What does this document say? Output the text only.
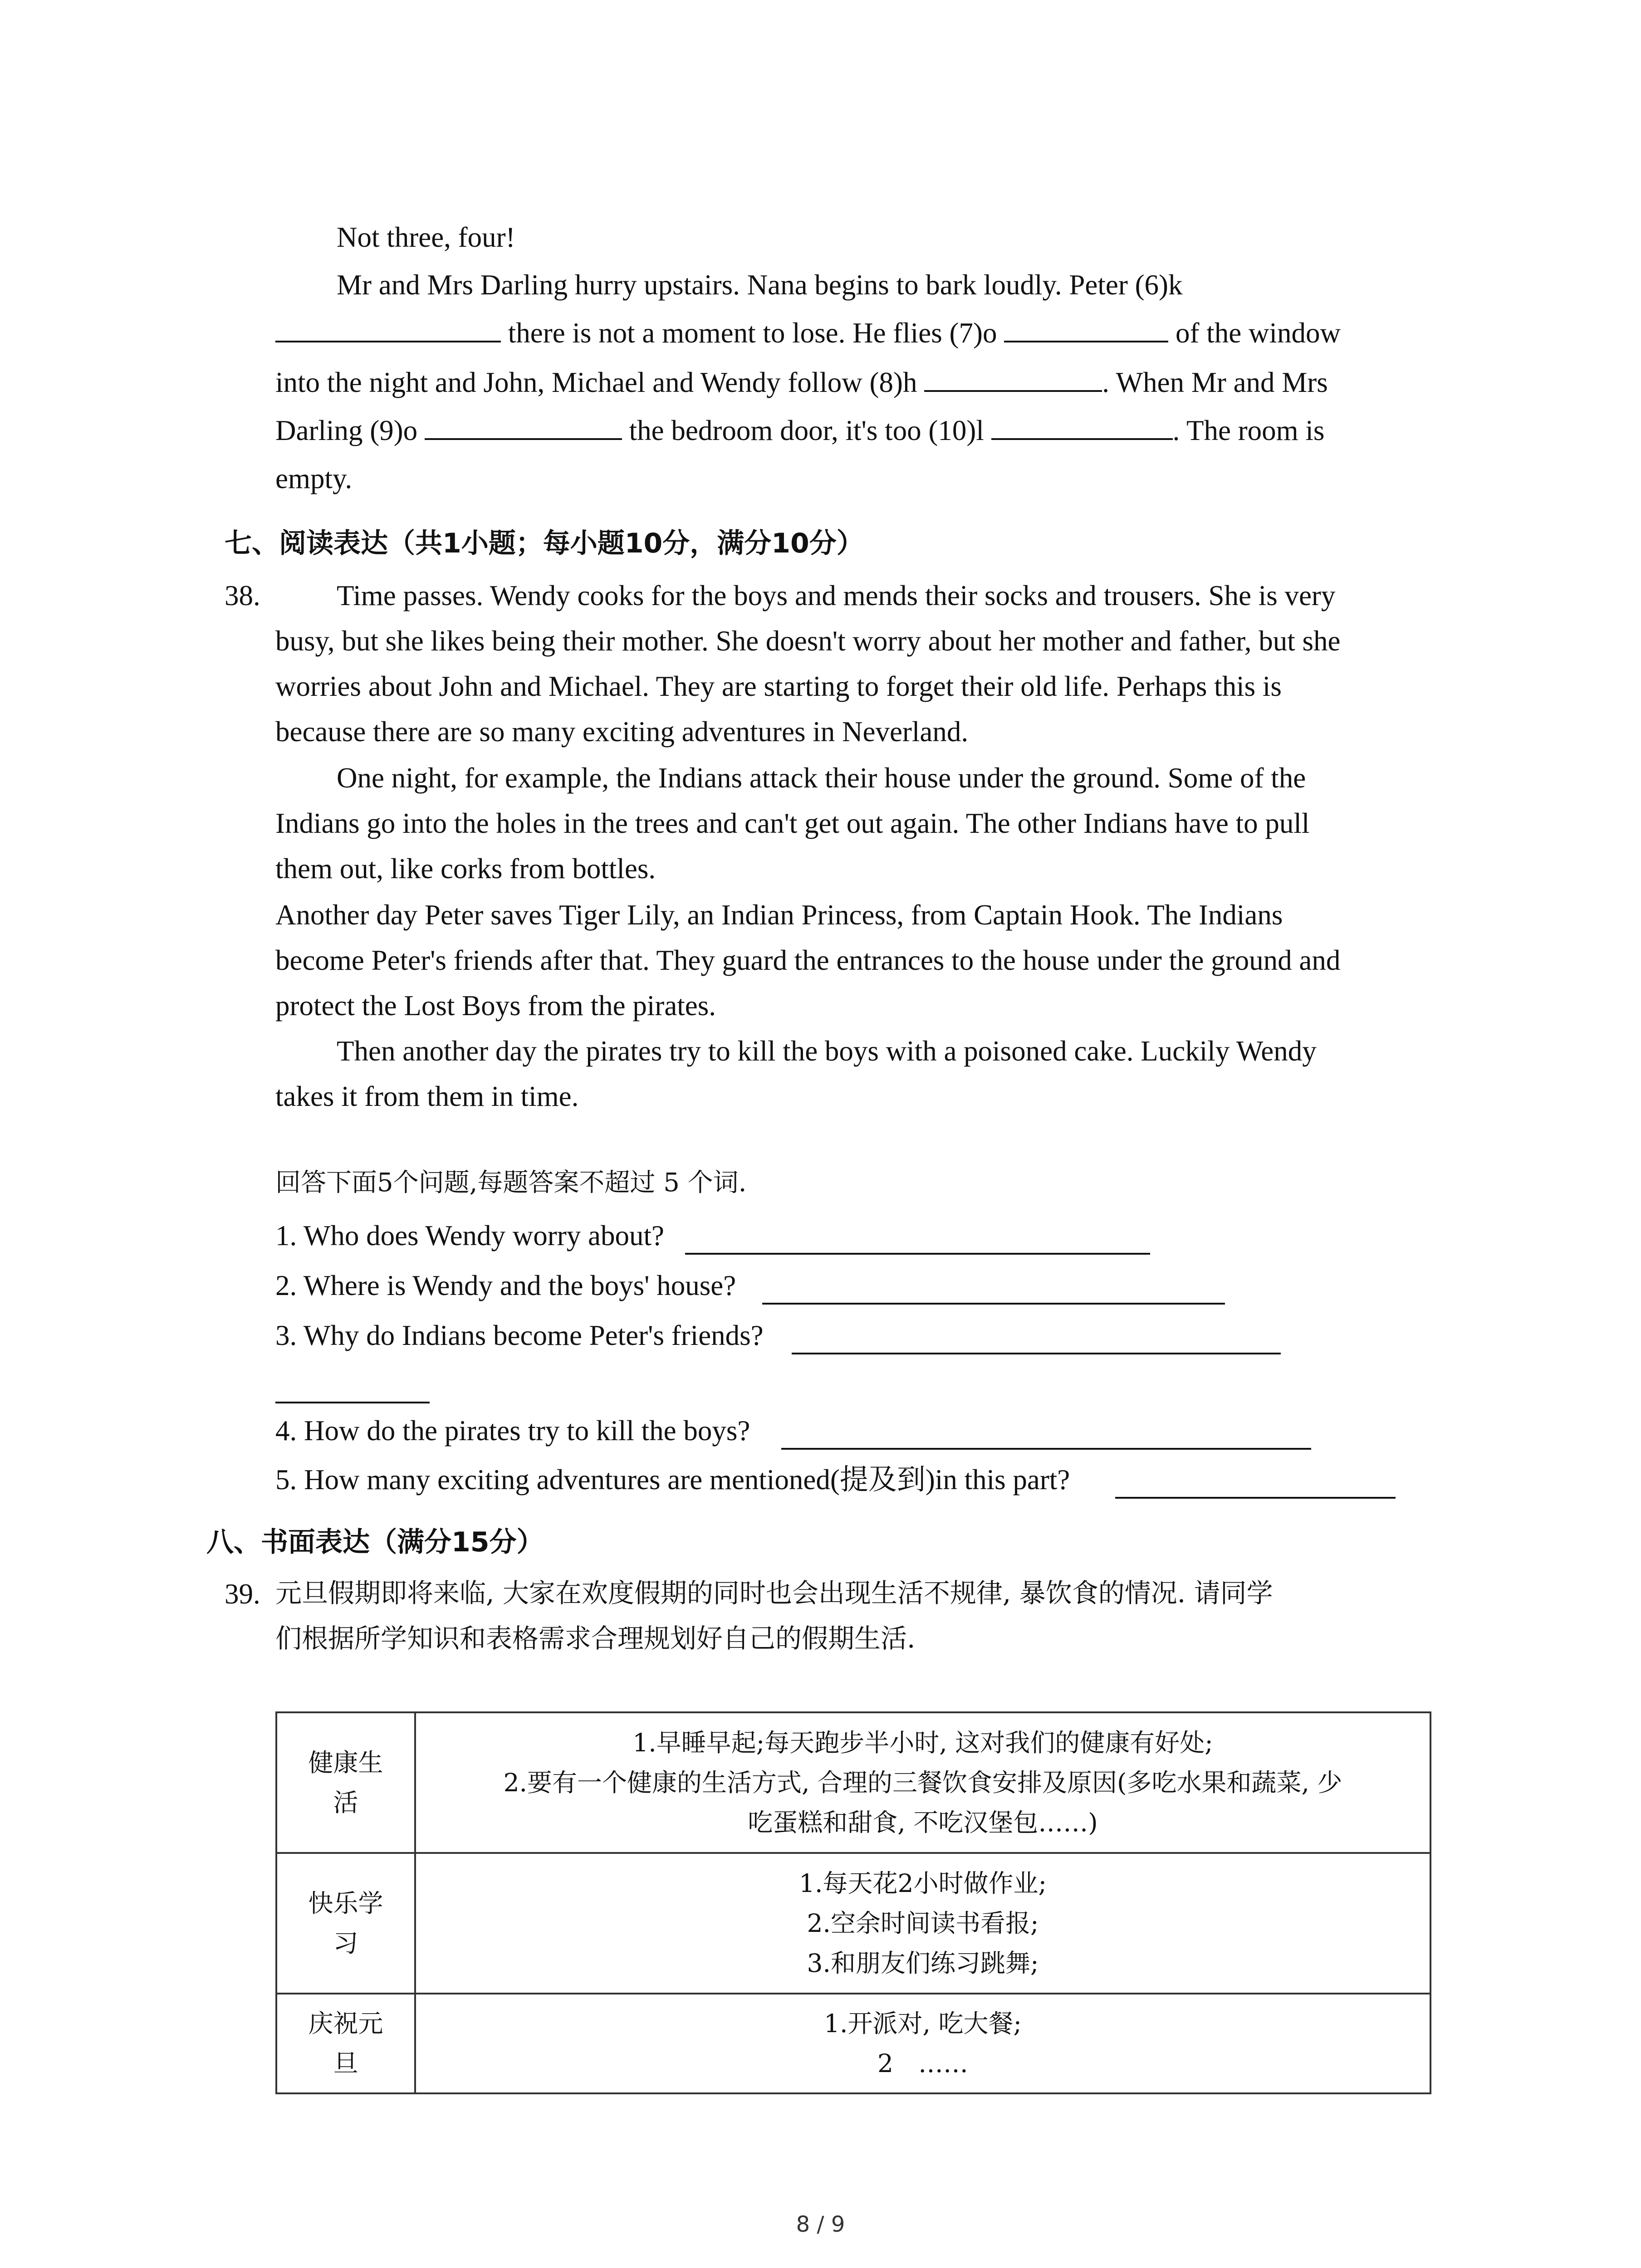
Not three, four!
Mr and Mrs Darling hurry upstairs. Nana begins to bark loudly. Peter (6)k
there is not a moment to lose. He flies (7)o	of the window
into the night and John, Michael and Wendy follow (8)h	. When Mr and Mrs
Darling (9)o	the bedroom door, it's too (10)l	. The room is
empty.
七、阅读表达（共1小题；每小题10分，满分10分）
38.	Time passes. Wendy cooks for the boys and mends their socks and trousers. She is very
busy, but she likes being their mother. She doesn't worry about her mother and father, but she
worries about John and Michael. They are starting to forget their old life. Perhaps this is
because there are so many exciting adventures in Neverland.
One night, for example, the Indians attack their house under the ground. Some of the
Indians go into the holes in the trees and can't get out again. The other Indians have to pull
them out, like corks from bottles.
Another day Peter saves Tiger Lily, an Indian Princess, from Captain Hook. The Indians
become Peter's friends after that. They guard the entrances to the house under the ground and
protect the Lost Boys from the pirates.
Then another day the pirates try to kill the boys with a poisoned cake. Luckily Wendy
takes it from them in time.
回答下面5个问题,每题答案不超过 5 个词.
1. Who does Wendy worry about?
2. Where is Wendy and the boys' house?
3. Why do Indians become Peter's friends?
4. How do the pirates try to kill the boys?
5. How many exciting adventures are mentioned(提及到)in this part?
八、书面表达（满分15分）
39. 元旦假期即将来临, 大家在欢度假期的同时也会出现生活不规律, 暴饮食的情况. 请同学
们根据所学知识和表格需求合理规划好自己的假期生活.
健康生
活	1.早睡早起;每天跑步半小时, 这对我们的健康有好处;
2.要有一个健康的生活方式, 合理的三餐饮食安排及原因(多吃水果和蔬菜, 少
吃蛋糕和甜食, 不吃汉堡包……)

快乐学
习	1.每天花2小时做作业;
2.空余时间读书看报;
3.和朋友们练习跳舞;

庆祝元
旦	1.开派对, 吃大餐;
2　……
8 / 9
